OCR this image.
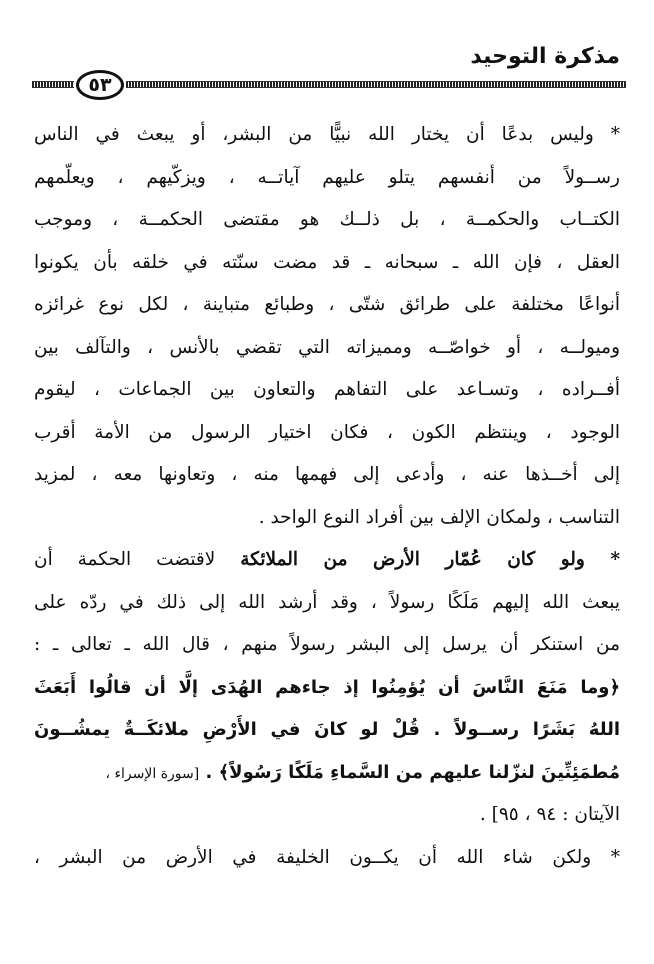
مذكرة التوحيد
٥٣
* وليس بدعًا أن يختار الله نبيًّا من البشر، أو يبعث في الناس
رســولاً من أنفسهم يتلو عليهم آياتــه ، ويزكّيهم ، ويعلّمهم
الكتــاب والحكمــة ، بل ذلــك هو مقتضى الحكمــة ، وموجب
العقل ، فإن الله ـ سبحانه ـ قد مضت سنّته في خلقه بأن يكونوا
أنواعًا مختلفة على طرائق شتّى ، وطبائع متباينة ، لكل نوع غرائزه
وميولــه ، أو خواصّــه ومميزاته التي تقضي بالأنس ، والتآلف بين
أفــراده ، وتسـاعد على التفاهم والتعاون بين الجماعات ، ليقوم
الوجود ، وينتظم الكون ، فكان اختيار الرسول من الأمة أقرب
إلى أخــذها عنه ، وأدعى إلى فهمها منه ، وتعاونها معه ، لمزيد
التناسب ، ولمكان الإلف بين أفراد النوع الواحد .
* ولو كان عُمّار الأرض من الملائكة لاقتضت الحكمة أن
يبعث الله إليهم مَلَكًا رسولاً ، وقد أرشد الله إلى ذلك في ردّه على
من استنكر أن يرسل إلى البشر رسولاً منهم ، قال الله ـ تعالى ـ :
﴿وما مَنَعَ النَّاسَ أن يُؤمِنُوا إذ جاءهم الهُدَى إلَّا أن قالُوا أَبَعَثَ
اللهُ بَشَرًا رســولاً . قُلْ لو كانَ في الأَرْضِ ملائكَــةٌ يمشُــونَ
مُطمَئِنِّينَ لنزّلنا عليهم من السَّماءِ مَلَكًا رَسُولاً﴾ . [سورة الإسراء ،
الآيتان : ٩٤ ، ٩٥] .
* ولكن شاء الله أن يكــون الخليفة في الأرض من البشر ،
